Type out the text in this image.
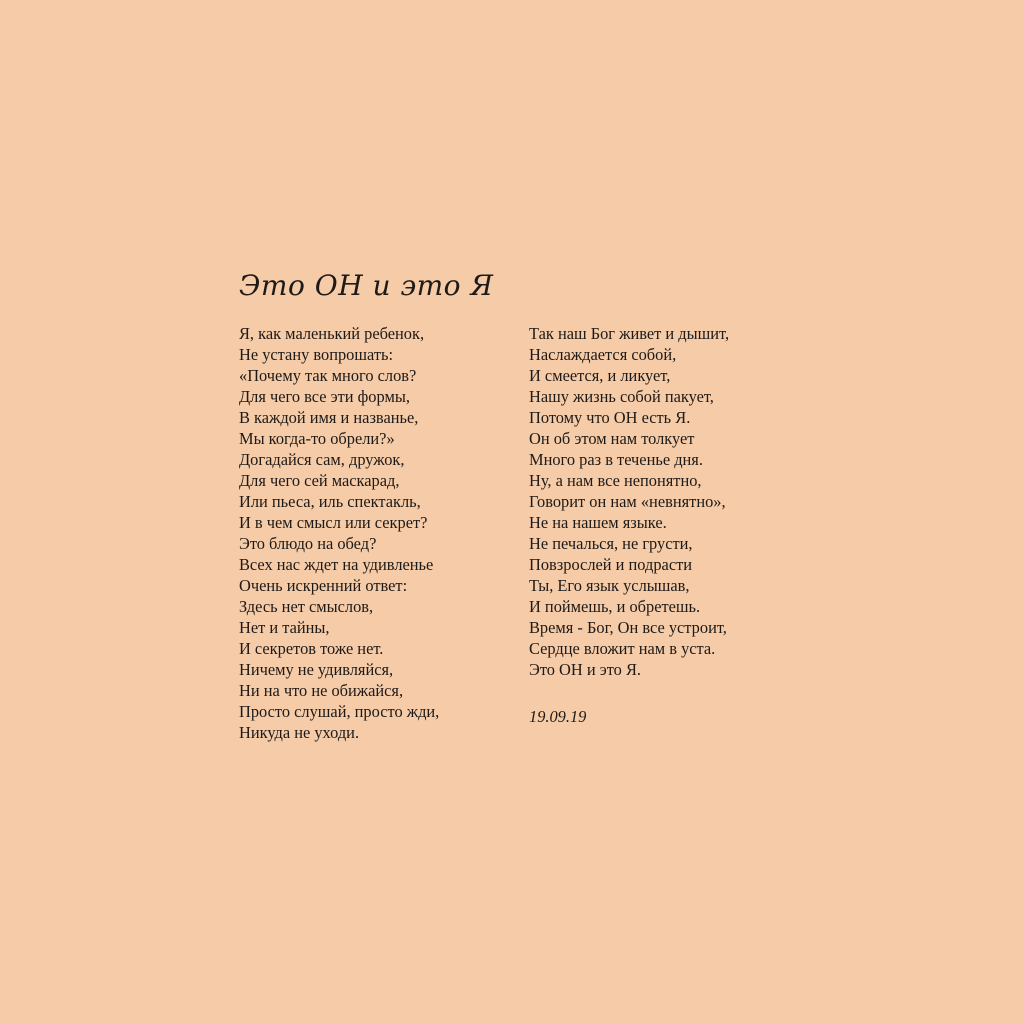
Это ОН и это Я
Я, как маленький ребенок,
Не устану вопрошать:
«Почему так много слов?
Для чего все эти формы,
В каждой имя и названье,
Мы когда-то обрели?»
Догадайся сам, дружок,
Для чего сей маскарад,
Или пьеса, иль спектакль,
И в чем смысл или секрет?
Это блюдо на обед?
Всех нас ждет на удивленье
Очень искренний ответ:
Здесь нет смыслов,
Нет и тайны,
И секретов тоже нет.
Ничему не удивляйся,
Ни на что не обижайся,
Просто слушай, просто жди,
Никуда не уходи.
Так наш Бог живет и дышит,
Наслаждается собой,
И смеется, и ликует,
Нашу жизнь собой пакует,
Потому что ОН есть Я.
Он об этом нам толкует
Много раз в теченье дня.
Ну, а нам все непонятно,
Говорит он нам «невнятно»,
Не на нашем языке.
Не печалься, не грусти,
Повзрослей и подрасти
Ты, Его язык услышав,
И поймешь, и обретешь.
Время - Бог, Он все устроит,
Сердце вложит нам в уста.
Это ОН и это Я.
19.09.19
